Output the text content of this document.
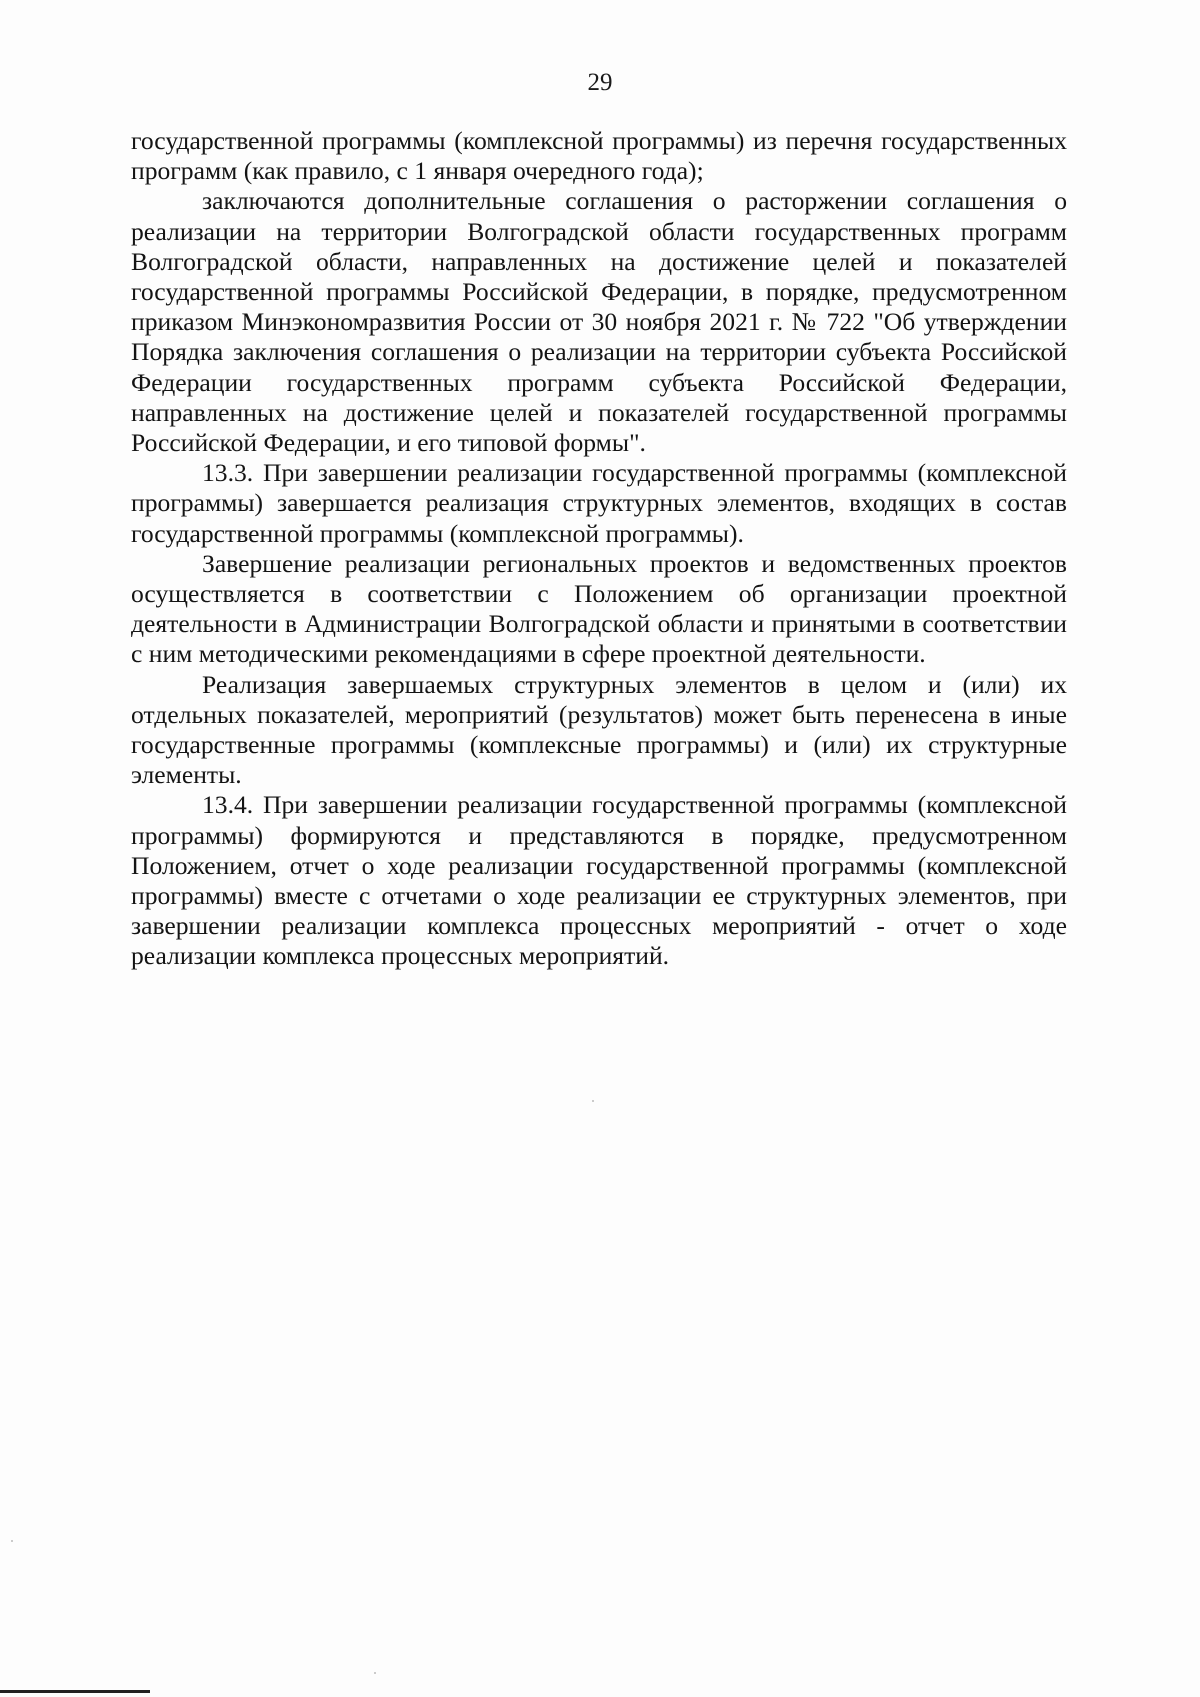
29

государственной программы (комплексной программы) из перечня государственных программ (как правило, с 1 января очередного года);

заключаются дополнительные соглашения о расторжении соглашения о реализации на территории Волгоградской области государственных программ Волгоградской области, направленных на достижение целей и показателей государственной программы Российской Федерации, в порядке, предусмотренном приказом Минэкономразвития России от 30 ноября 2021 г. № 722 "Об утверждении Порядка заключения соглашения о реализации на территории субъекта Российской Федерации государственных программ субъекта Российской Федерации, направленных на достижение целей и показателей государственной программы Российской Федерации, и его типовой формы".

13.3. При завершении реализации государственной программы (комплексной программы) завершается реализация структурных элементов, входящих в состав государственной программы (комплексной программы).

Завершение реализации региональных проектов и ведомственных проектов осуществляется в соответствии с Положением об организации проектной деятельности в Администрации Волгоградской области и принятыми в соответствии с ним методическими рекомендациями в сфере проектной деятельности.

Реализация завершаемых структурных элементов в целом и (или) их отдельных показателей, мероприятий (результатов) может быть перенесена в иные государственные программы (комплексные программы) и (или) их структурные элементы.

13.4. При завершении реализации государственной программы (комплексной программы) формируются и представляются в порядке, предусмотренном Положением, отчет о ходе реализации государственной программы (комплексной программы) вместе с отчетами о ходе реализации ее структурных элементов, при завершении реализации комплекса процессных мероприятий - отчет о ходе реализации комплекса процессных мероприятий.
